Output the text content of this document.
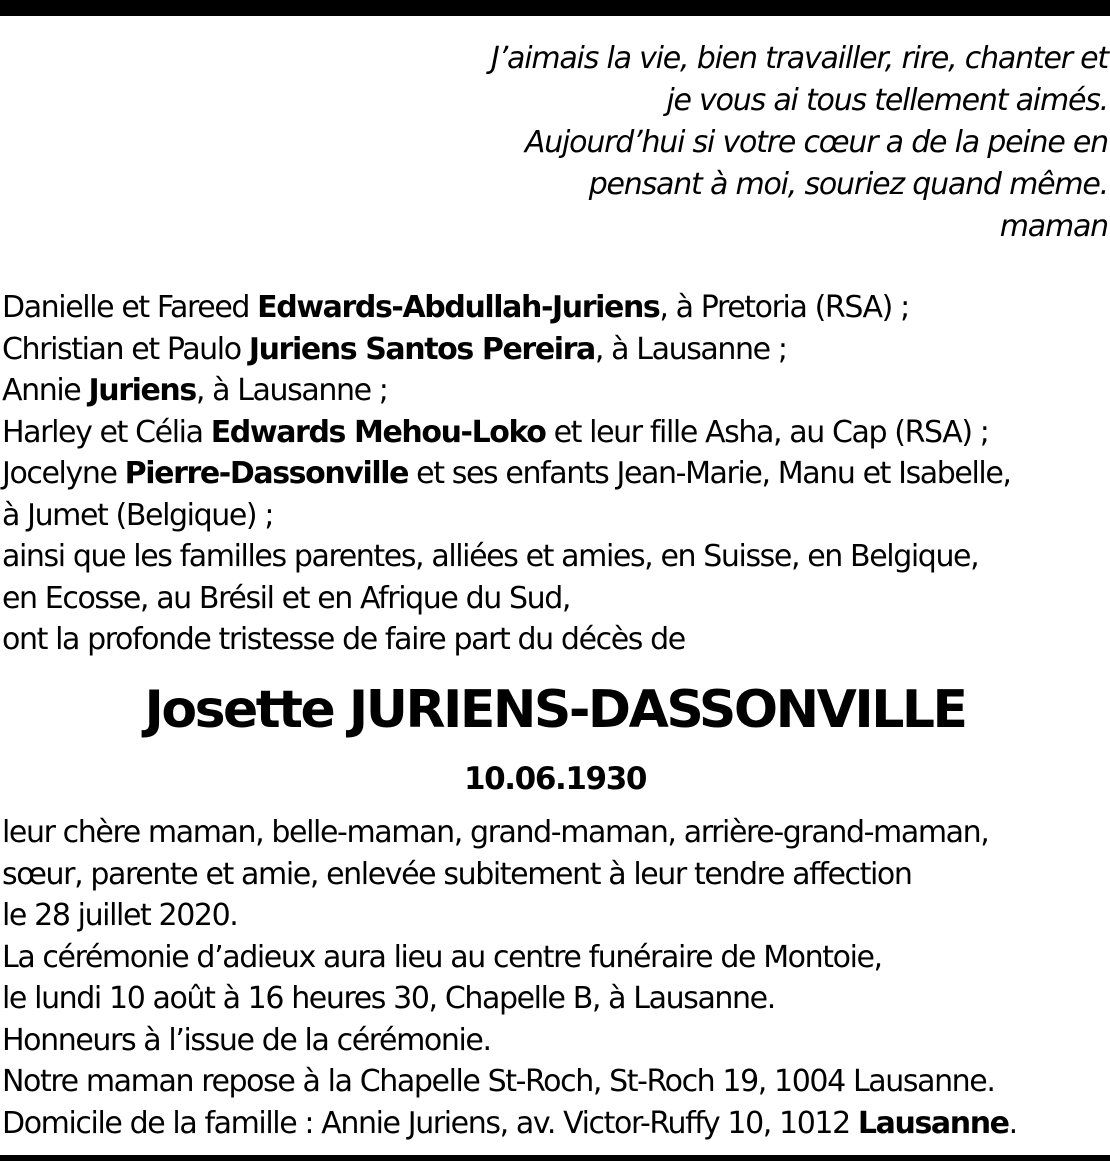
J’aimais la vie, bien travailler, rire, chanter et
je vous ai tous tellement aimés.
Aujourd’hui si votre cœur a de la peine en
pensant à moi, souriez quand même.
maman
Danielle et Fareed Edwards-Abdullah-Juriens, à Pretoria (RSA) ;
Christian et Paulo Juriens Santos Pereira, à Lausanne ;
Annie Juriens, à Lausanne ;
Harley et Célia Edwards Mehou-Loko et leur fille Asha, au Cap (RSA) ;
Jocelyne Pierre-Dassonville et ses enfants Jean-Marie, Manu et Isabelle,
à Jumet (Belgique) ;
ainsi que les familles parentes, alliées et amies, en Suisse, en Belgique,
en Ecosse, au Brésil et en Afrique du Sud,
ont la profonde tristesse de faire part du décès de
Josette JURIENS-DASSONVILLE
10.06.1930
leur chère maman, belle-maman, grand-maman, arrière-grand-maman,
sœur, parente et amie, enlevée subitement à leur tendre affection
le 28 juillet 2020.
La cérémonie d’adieux aura lieu au centre funéraire de Montoie,
le lundi 10 août à 16 heures 30, Chapelle B, à Lausanne.
Honneurs à l’issue de la cérémonie.
Notre maman repose à la Chapelle St-Roch, St-Roch 19, 1004 Lausanne.
Domicile de la famille : Annie Juriens, av. Victor-Ruffy 10, 1012 Lausanne.
